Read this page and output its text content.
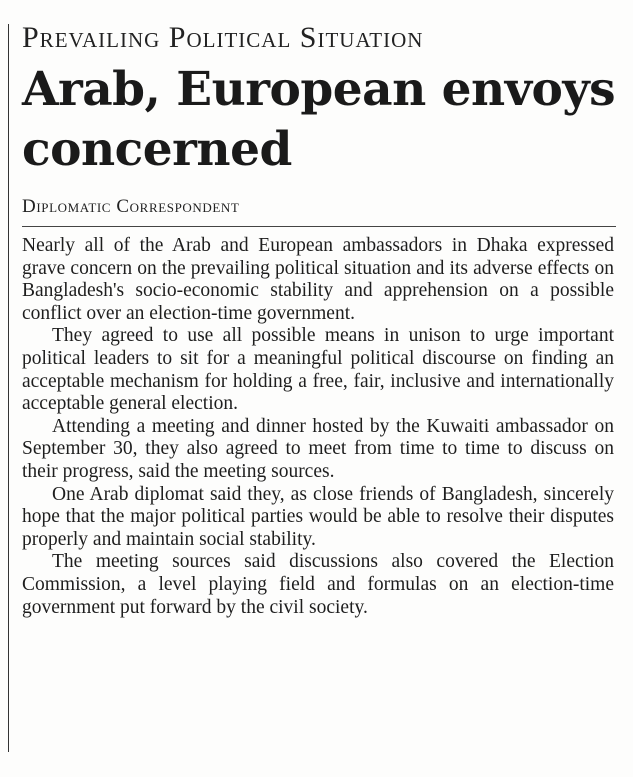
Prevailing Political Situation
Arab, European envoys concerned
Diplomatic Correspondent

Nearly all of the Arab and European ambassadors in Dhaka expressed grave concern on the prevailing political situation and its adverse effects on Bangladesh's socio-economic stability and apprehension on a possible conflict over an election-time government.

They agreed to use all possible means in unison to urge important political leaders to sit for a meaningful political discourse on finding an acceptable mechanism for holding a free, fair, inclusive and internationally acceptable general election.

Attending a meeting and dinner hosted by the Kuwaiti ambassador on September 30, they also agreed to meet from time to time to discuss on their progress, said the meeting sources.

One Arab diplomat said they, as close friends of Bangladesh, sincerely hope that the major political parties would be able to resolve their disputes properly and maintain social stability.

The meeting sources said discussions also covered the Election Commission, a level playing field and formulas on an election-time government put forward by the civil society.
